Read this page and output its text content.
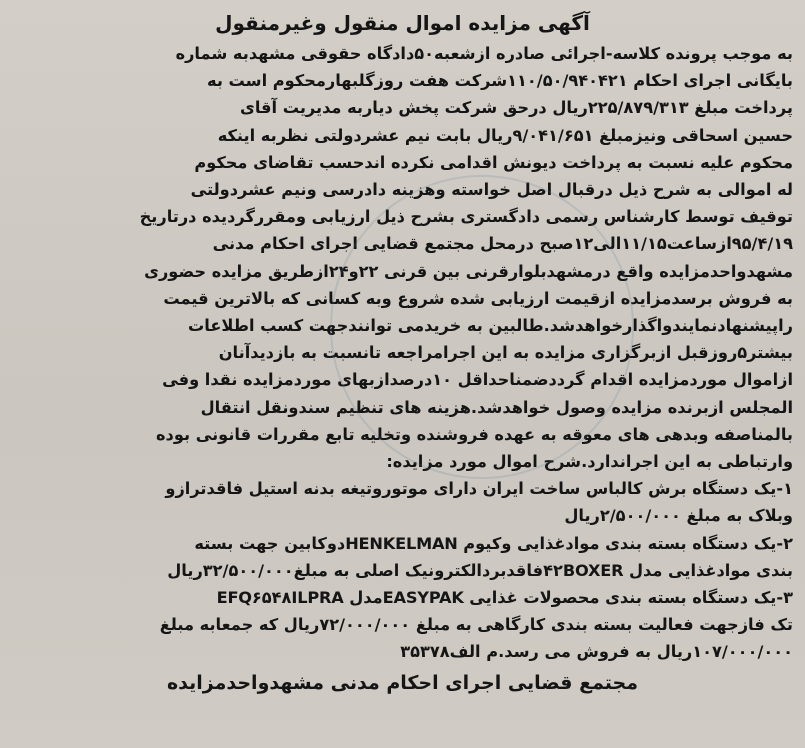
آگهی مزایده اموال منقول وغیرمنقول
به موجب پرونده کلاسه-اجرائی صادره ازشعبه۵۰دادگاه حقوقی مشهدبه شماره
بایگانی اجرای احکام ۱۱۰/۵۰/۹۴۰۴۲۱شرکت هفت روزگلبهارمحکوم است به
پرداخت مبلغ ۲۲۵/۸۷۹/۳۱۳ریال درحق شرکت پخش دیاربه مدیریت آقای
حسین اسحاقی ونیزمبلغ ۹/۰۴۱/۶۵۱ریال بابت نیم عشردولتی نظربه اینکه
محکوم علیه نسبت به پرداخت دیونش اقدامی نکرده اندحسب تقاضای محکوم
له اموالی به شرح ذیل درقبال اصل خواسته وهزینه دادرسی ونیم عشردولتی
توقیف توسط کارشناس رسمی دادگستری بشرح ذیل ارزیابی ومقررگردیده درتاریخ
۹۵/۴/۱۹ازساعت۱۱/۱۵الی۱۲صبح درمحل مجتمع قضایی اجرای احکام مدنی
مشهدواحدمزایده واقع درمشهدبلوارقرنی بین قرنی ۲۲و۲۴ازطریق مزایده حضوری
به فروش برسدمزایده ازقیمت ارزیابی شده شروع وبه کسانی که بالاترین قیمت
راپیشنهادنمایندواگذارخواهدشد.طالبین به خریدمی توانندجهت کسب اطلاعات
بیشتر۵روزقبل ازبرگزاری مزایده به این اجرامراجعه تانسبت به بازدیدآنان
ازاموال موردمزایده اقدام گرددضمناحداقل ۱۰درصدازبهای موردمزایده نقدا وفی
المجلس ازبرنده مزایده وصول خواهدشد.هزینه های تنظیم سندونقل انتقال
بالمناصفه وبدهی های معوقه به عهده فروشنده وتخلیه تابع مقررات قانونی بوده
وارتباطی به این اجراندارد.شرح اموال مورد مزایده:
۱-یک دستگاه برش کالباس ساخت ایران دارای موتوروتیغه بدنه استیل فاقدترازو
وبلاک به مبلغ ۲/۵۰۰/۰۰۰ریال
۲-یک دستگاه بسته بندی موادغذایی وکیوم HENKELMANدوکابین جهت بسته
بندی موادغذایی مدل ۴۲BOXERفاقدبردالکترونیک اصلی به مبلغ۳۲/۵۰۰/۰۰۰ریال
۳-یک دستگاه بسته بندی محصولات غذایی EASYPAKمدل EFQ۶۵۴۸ILPRA
تک فازجهت فعالیت بسته بندی کارگاهی به مبلغ ۷۲/۰۰۰/۰۰۰ریال که جمعابه مبلغ
۱۰۷/۰۰۰/۰۰۰ریال به فروش می رسد.م الف۳۵۳۷۸
مجتمع قضایی اجرای احکام مدنی مشهدواحدمزایده
